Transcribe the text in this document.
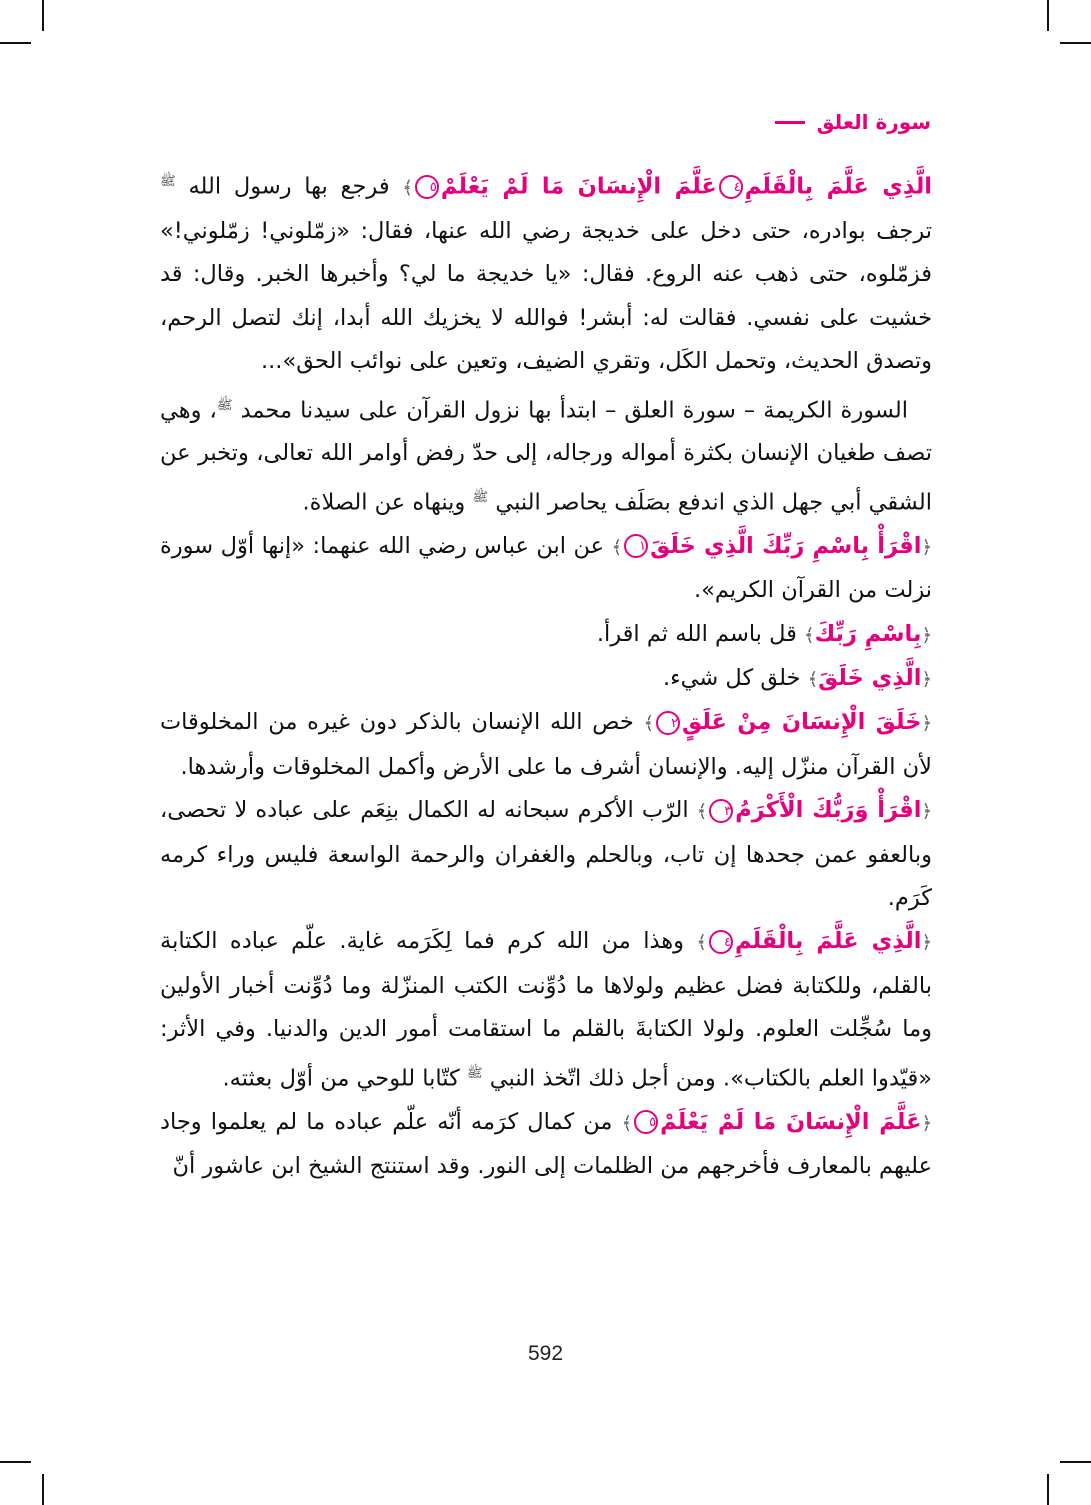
سورة العلق

الَّذِي عَلَّمَ بِالْقَلَمِ٤عَلَّمَ الْإِنسَانَ مَا لَمْ يَعْلَمْ٥﴾ فرجع بها رسول الله $^ﷺ$ ترجف بوادره، حتى دخل على خديجة رضي الله عنها، فقال: «زمّلوني! زمّلوني!» فزمّلوه، حتى ذهب عنه الروع. فقال: «يا خديجة ما لي؟ وأخبرها الخبر. وقال: قد خشيت على نفسي. فقالت له: أبشر! فوالله لا يخزيك الله أبدا، إنك لتصل الرحم، وتصدق الحديث، وتحمل الكَل، وتقري الضيف، وتعين على نوائب الحق»...

السورة الكريمة – سورة العلق – ابتدأ بها نزول القرآن على سيدنا محمد $^ﷺ$، وهي تصف طغيان الإنسان بكثرة أمواله ورجاله، إلى حدّ رفض أوامر الله تعالى، وتخبر عن الشقي أبي جهل الذي اندفع بصَلَف يحاصر النبي $^ﷺ$ وينهاه عن الصلاة.

﴿اقْرَأْ بِاسْمِ رَبِّكَ الَّذِي خَلَقَ١﴾ عن ابن عباس رضي الله عنهما: «إنها أوّل سورة نزلت من القرآن الكريم».

﴿بِاسْمِ رَبِّكَ﴾ قل باسم الله ثم اقرأ.

﴿الَّذِي خَلَقَ﴾ خلق كل شيء.

﴿خَلَقَ الْإِنسَانَ مِنْ عَلَقٍ٢﴾ خص الله الإنسان بالذكر دون غيره من المخلوقات لأن القرآن منزّل إليه. والإنسان أشرف ما على الأرض وأكمل المخلوقات وأرشدها.

﴿اقْرَأْ وَرَبُّكَ الْأَكْرَمُ٣﴾ الرّب الأكرم سبحانه له الكمال بنِعَم على عباده لا تحصى، وبالعفو عمن جحدها إن تاب، وبالحلم والغفران والرحمة الواسعة فليس وراء كرمه كَرَم.

﴿الَّذِي عَلَّمَ بِالْقَلَمِ٤﴾ وهذا من الله كرم فما لِكَرَمه غاية. علّم عباده الكتابة بالقلم، وللكتابة فضل عظيم ولولاها ما دُوِّنت الكتب المنزّلة وما دُوِّنت أخبار الأولين وما سُجِّلت العلوم. ولولا الكتابةَ بالقلم ما استقامت أمور الدين والدنيا. وفي الأثر: «قيّدوا العلم بالكتاب». ومن أجل ذلك اتّخذ النبي $^ﷺ$ كتّابا للوحي من أوّل بعثته.

﴿عَلَّمَ الْإِنسَانَ مَا لَمْ يَعْلَمْ٥﴾ من كمال كرَمه أنّه علّم عباده ما لم يعلموا وجاد عليهم بالمعارف فأخرجهم من الظلمات إلى النور. وقد استنتج الشيخ ابن عاشور أنّ

592
